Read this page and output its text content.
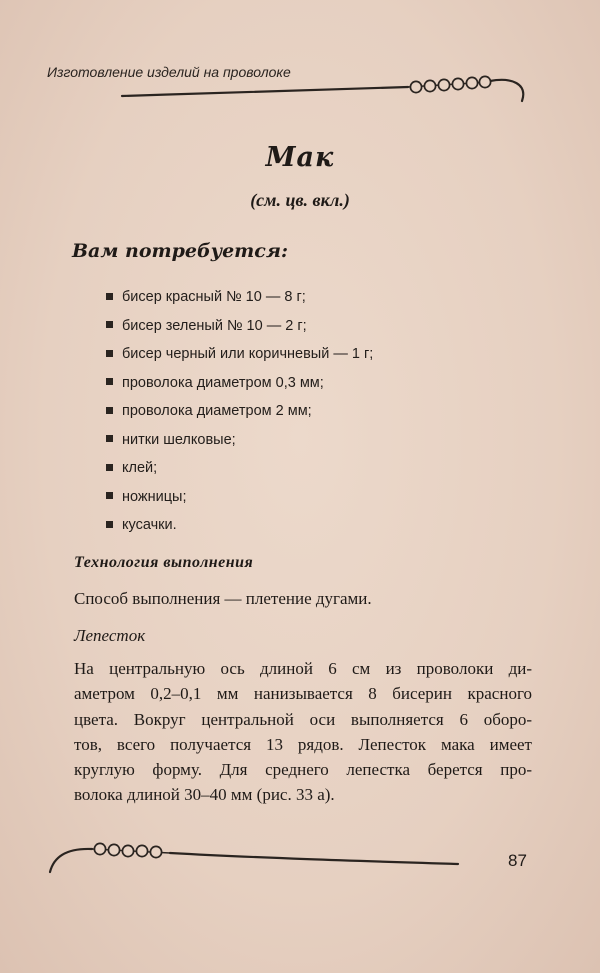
Изготовление изделий на проволоке
Мак
(см. цв. вкл.)
Вам потребуется:
бисер красный № 10 — 8 г;
бисер зеленый № 10 — 2 г;
бисер черный или коричневый — 1 г;
проволока диаметром 0,3 мм;
проволока диаметром 2 мм;
нитки шелковые;
клей;
ножницы;
кусачки.
Технология выполнения
Способ выполнения — плетение дугами.
Лепесток
На центральную ось длиной 6 см из проволоки ди-
аметром 0,2–0,1 мм нанизывается 8 бисерин красного
цвета. Вокруг центральной оси выполняется 6 оборо-
тов, всего получается 13 рядов. Лепесток мака имеет
круглую форму. Для среднего лепестка берется про-
волока длиной 30–40 мм (рис. 33 а).
87
